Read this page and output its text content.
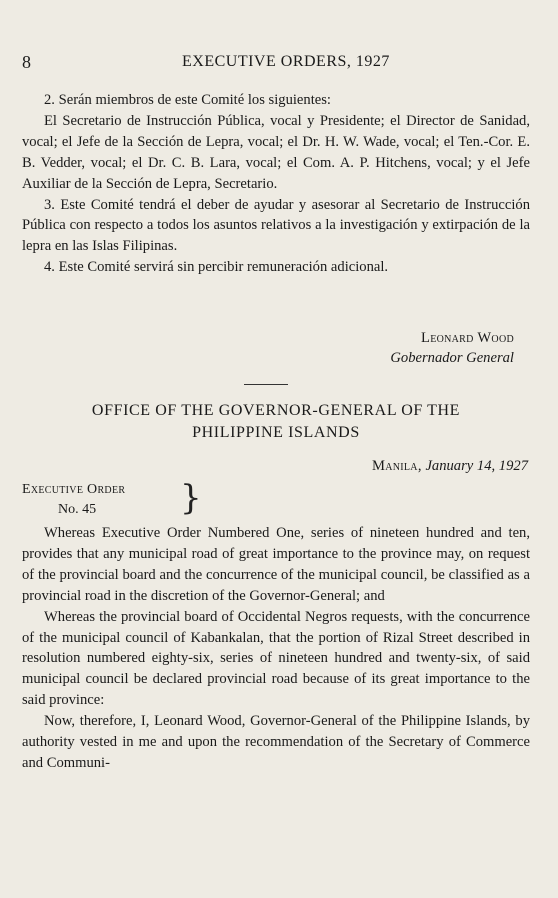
8	EXECUTIVE ORDERS, 1927

2. Serán miembros de este Comité los siguientes:

El Secretario de Instrucción Pública, vocal y Presidente; el Director de Sanidad, vocal; el Jefe de la Sección de Lepra, vocal; el Dr. H. W. Wade, vocal; el Ten.-Cor. E. B. Vedder, vocal; el Dr. C. B. Lara, vocal; el Com. A. P. Hitchens, vocal; y el Jefe Auxiliar de la Sección de Lepra, Secretario.

3. Este Comité tendrá el deber de ayudar y asesorar al Secretario de Instrucción Pública con respecto a todos los asuntos relativos a la investigación y extirpación de la lepra en las Islas Filipinas.

4. Este Comité servirá sin percibir remuneración adicional.

Leonard Wood
Gobernador General
OFFICE OF THE GOVERNOR-GENERAL OF THE
PHILIPPINE ISLANDS
Manila, January 14, 1927
Executive Order
No. 45	}

Whereas Executive Order Numbered One, series of nineteen hundred and ten, provides that any municipal road of great importance to the province may, on request of the provincial board and the concurrence of the municipal council, be classified as a provincial road in the discretion of the Governor-General; and

Whereas the provincial board of Occidental Negros requests, with the concurrence of the municipal council of Kabankalan, that the portion of Rizal Street described in resolution numbered eighty-six, series of nineteen hundred and twenty-six, of said municipal council be declared provincial road because of its great importance to the said province:

Now, therefore, I, Leonard Wood, Governor-General of the Philippine Islands, by authority vested in me and upon the recommendation of the Secretary of Commerce and Communi-
